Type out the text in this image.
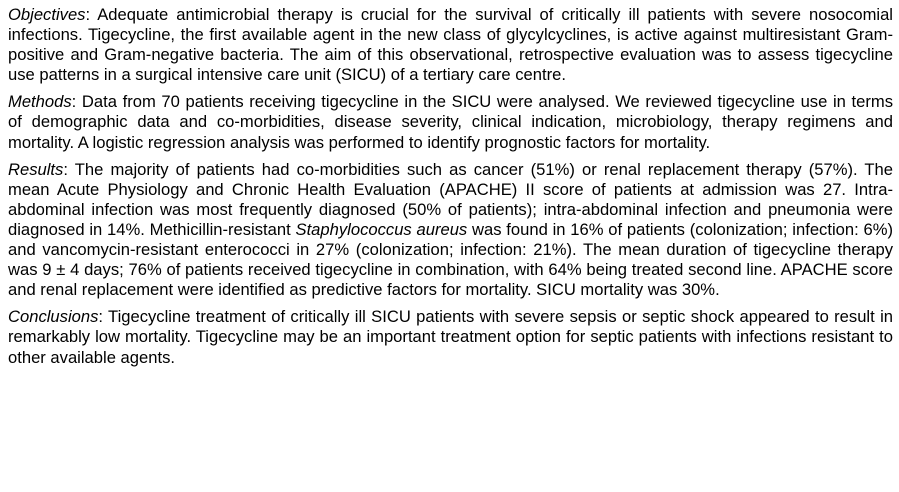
Objectives: Adequate antimicrobial therapy is crucial for the survival of critically ill patients with severe nosocomial infections. Tigecycline, the first available agent in the new class of glycylcyclines, is active against multiresistant Gram-positive and Gram-negative bacteria. The aim of this observational, retrospective evaluation was to assess tigecycline use patterns in a surgical intensive care unit (SICU) of a tertiary care centre.

Methods: Data from 70 patients receiving tigecycline in the SICU were analysed. We reviewed tigecycline use in terms of demographic data and co-morbidities, disease severity, clinical indication, microbiology, therapy regimens and mortality. A logistic regression analysis was performed to identify prognostic factors for mortality.

Results: The majority of patients had co-morbidities such as cancer (51%) or renal replacement therapy (57%). The mean Acute Physiology and Chronic Health Evaluation (APACHE) II score of patients at admission was 27. Intra-abdominal infection was most frequently diagnosed (50% of patients); intra-abdominal infection and pneumonia were diagnosed in 14%. Methicillin-resistant Staphylococcus aureus was found in 16% of patients (colonization; infection: 6%) and vancomycin-resistant enterococci in 27% (colonization; infection: 21%). The mean duration of tigecycline therapy was 9 ± 4 days; 76% of patients received tigecycline in combination, with 64% being treated second line. APACHE score and renal replacement were identified as predictive factors for mortality. SICU mortality was 30%.

Conclusions: Tigecycline treatment of critically ill SICU patients with severe sepsis or septic shock appeared to result in remarkably low mortality. Tigecycline may be an important treatment option for septic patients with infections resistant to other available agents.
